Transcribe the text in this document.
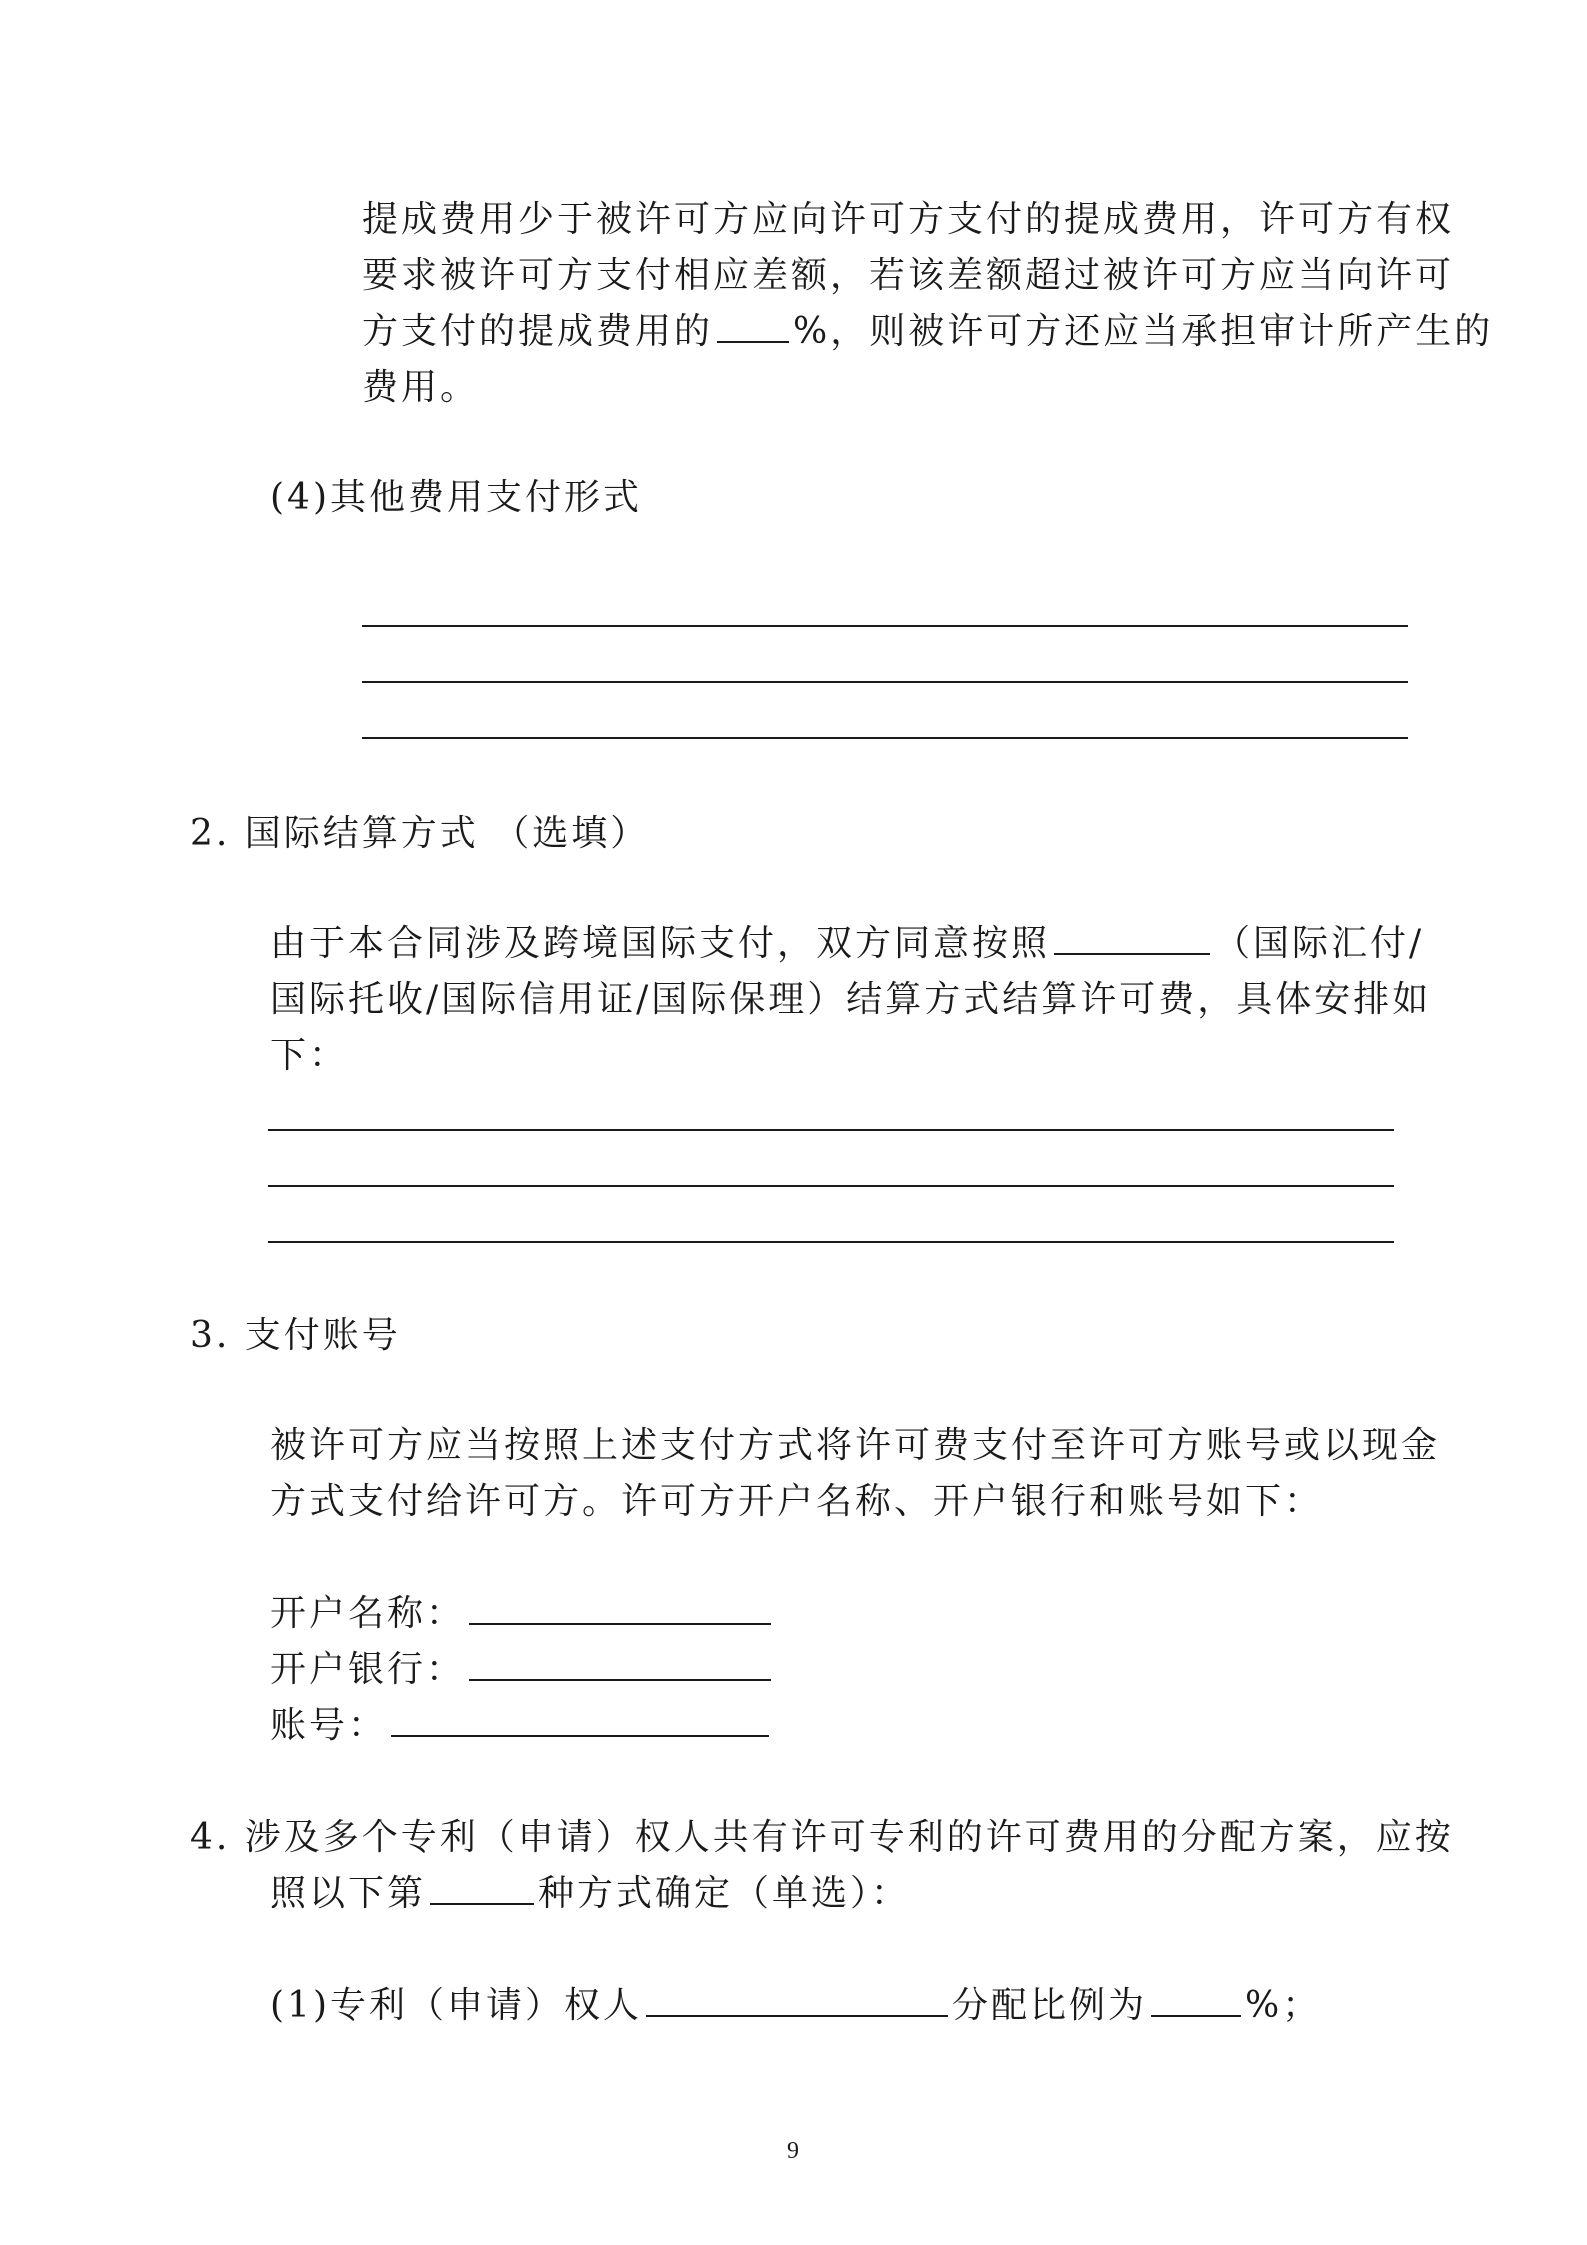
提成费用少于被许可方应向许可方支付的提成费用，许可方有权
要求被许可方支付相应差额，若该差额超过被许可方应当向许可
方支付的提成费用的 %，则被许可方还应当承担审计所产生的
费用。
(4)其他费用支付形式
2. 国际结算方式 （选填）
由于本合同涉及跨境国际支付，双方同意按照	（国际汇付/
国际托收/国际信用证/国际保理）结算方式结算许可费，具体安排如
下：
3. 支付账号
被许可方应当按照上述支付方式将许可费支付至许可方账号或以现金
方式支付给许可方。许可方开户名称、开户银行和账号如下：
开户名称：
开户银行：
账号：
4. 涉及多个专利（申请）权人共有许可专利的许可费用的分配方案，应按
照以下第	种方式确定（单选）：
(1)专利（申请）权人	分配比例为	%；
9
